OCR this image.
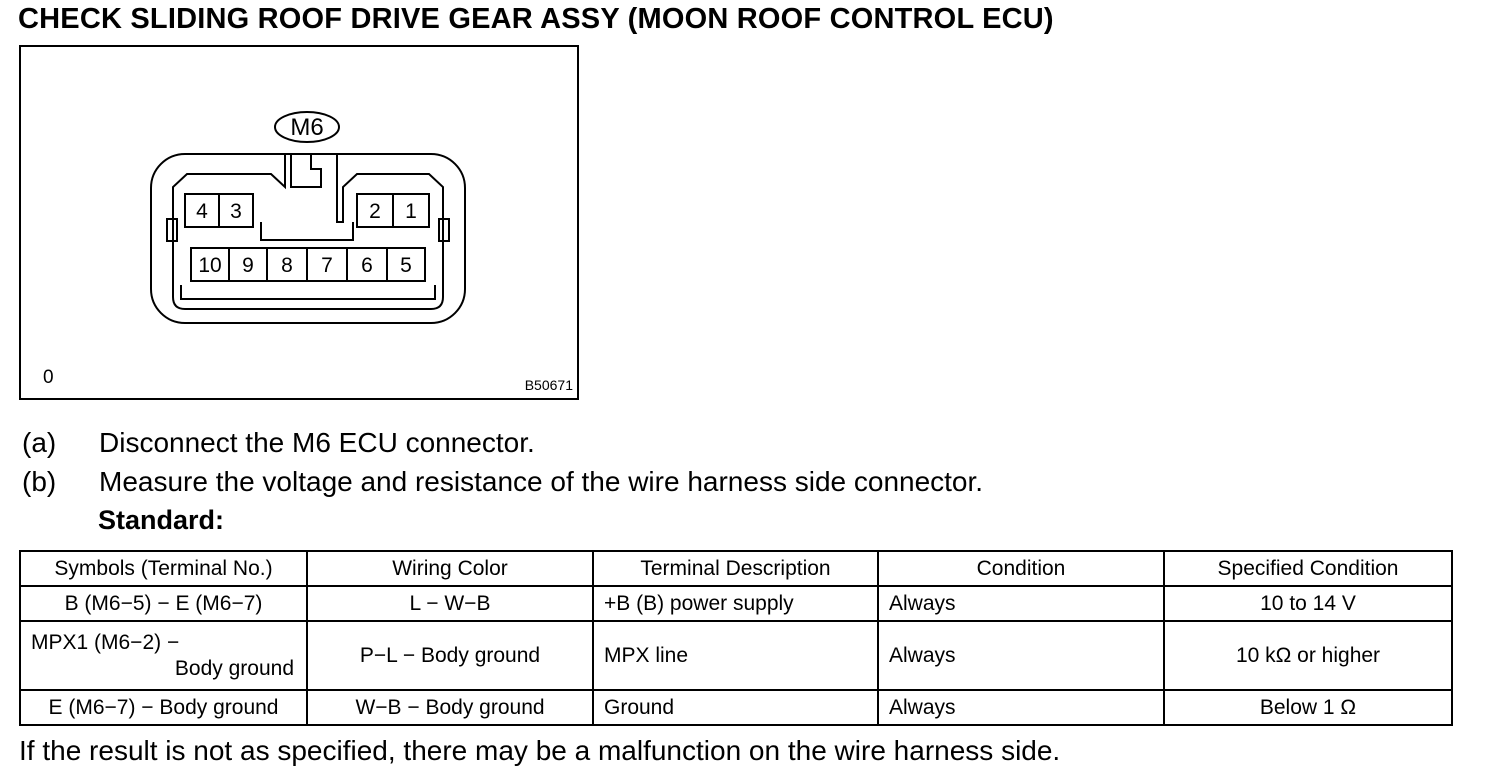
CHECK SLIDING ROOF DRIVE GEAR ASSY (MOON ROOF CONTROL ECU)
M6
4 3	2 1
10 9 8 7 6 5
0	B50671
(a) Disconnect the M6 ECU connector.
(b) Measure the voltage and resistance of the wire harness side connector.
Standard:
Symbols (Terminal No.)	Wiring Color	Terminal Description	Condition	Specified Condition
B (M6−5) − E (M6−7)	L − W−B	+B (B) power supply	Always	10 to 14 V

MPX1 (M6−2) −
Body ground	P−L − Body ground	MPX line	Always	10 kΩ or higher
E (M6−7) − Body ground	W−B − Body ground	Ground	Always	Below 1 Ω
If the result is not as specified, there may be a malfunction on the wire harness side.
